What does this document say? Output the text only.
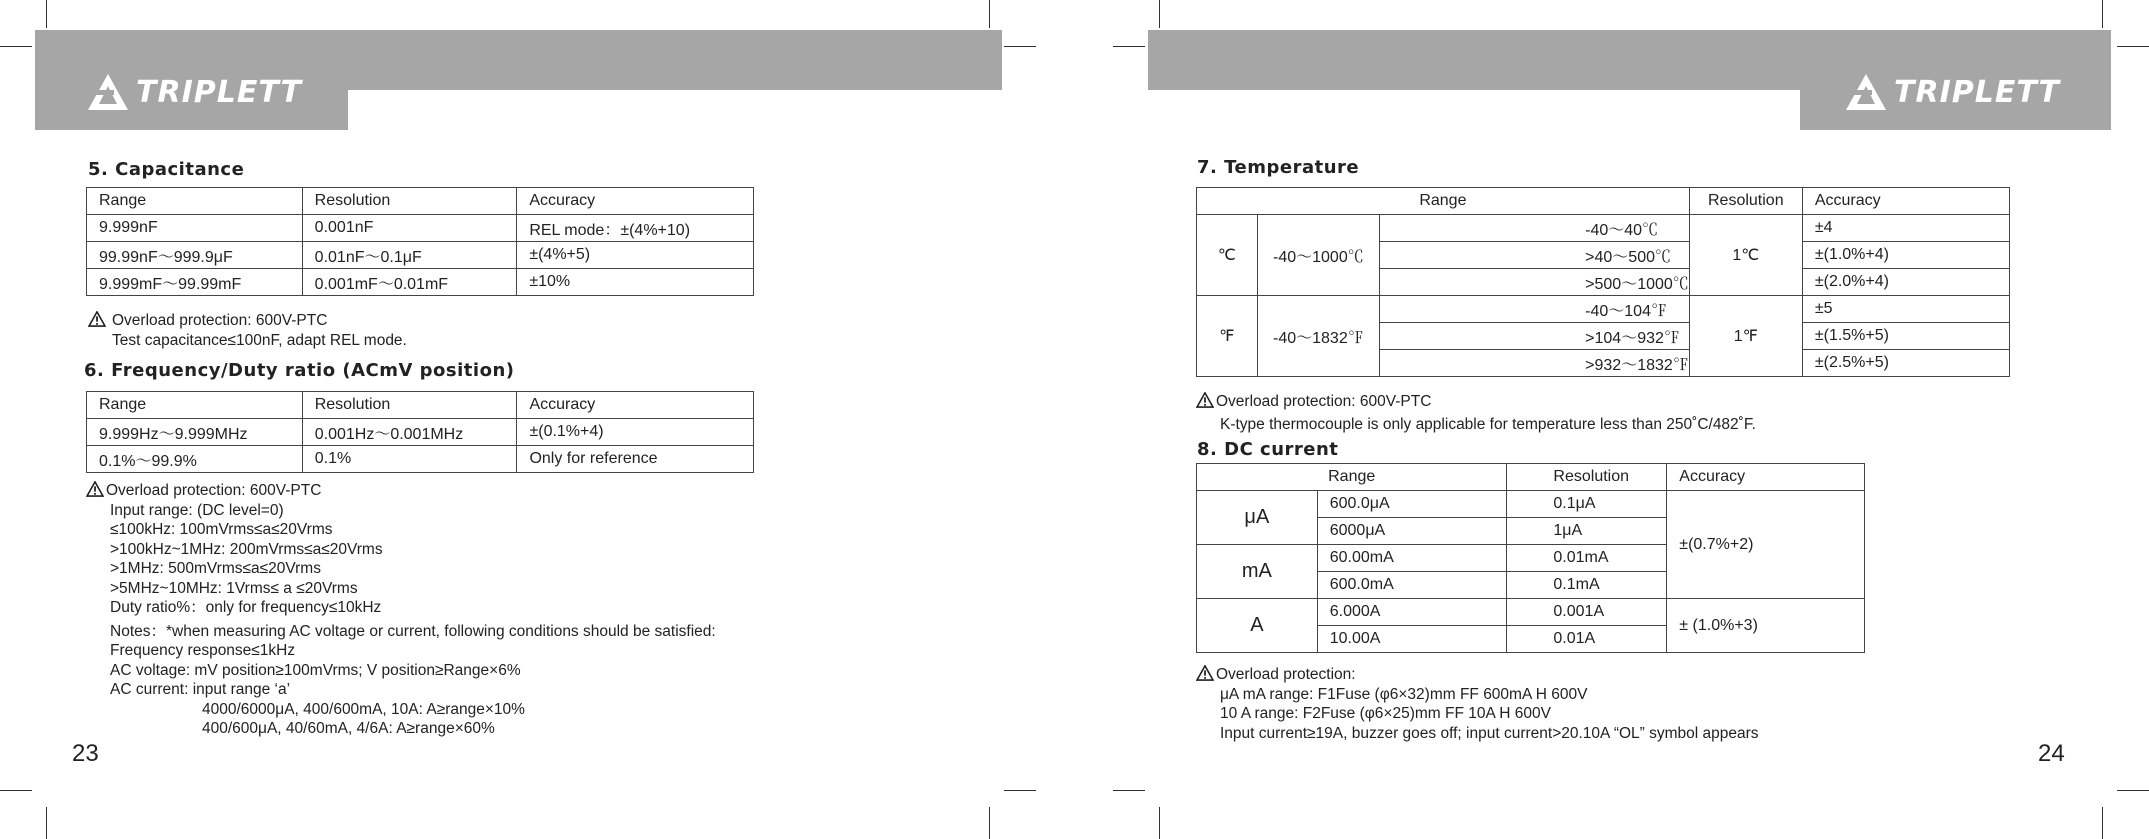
TRIPLETT
5. Capacitance
Range	Resolution	Accuracy
9.999nF	0.001nF	REL mode：±(4%+10)
99.99nF～999.9μF	0.01nF～0.1μF	±(4%+5)
9.999mF～99.99mF	0.001mF～0.01mF	±10%
Overload protection: 600V-PTC
Test capacitance≤100nF, adapt REL mode.
6. Frequency/Duty ratio (ACmV position)
Range	Resolution	Accuracy
9.999Hz～9.999MHz	0.001Hz～0.001MHz	±(0.1%+4)
0.1%～99.9%	0.1%	Only for reference
Overload protection: 600V-PTC
Input range: (DC level=0)
≤100kHz: 100mVrms≤a≤20Vrms
>100kHz~1MHz: 200mVrms≤a≤20Vrms
>1MHz: 500mVrms≤a≤20Vrms
>5MHz~10MHz: 1Vrms≤ a ≤20Vrms
Duty ratio%：only for frequency≤10kHz
Notes：*when measuring AC voltage or current, following conditions should be satisfied:
Frequency response≤1kHz
AC voltage: mV position≥100mVrms; V position≥Range×6%
AC current: input range ‘a’
4000/6000μA, 400/600mA, 10A: A≥range×10%
400/600μA, 40/60mA, 4/6A: A≥range×60%
23
TRIPLETT
7. Temperature
Range			Resolution	Accuracy
℃	-40～1000℃	-40～40℃	1℃	±4
		>40～500℃		±(1.0%+4)
		>500～1000℃		±(2.0%+4)
℉	-40～1832℉	-40～104℉	1℉	±5
		>104～932℉		±(1.5%+5)
		>932～1832℉		±(2.5%+5)
Overload protection: 600V-PTC
K-type thermocouple is only applicable for temperature less than 250˚C/482˚F.
8. DC current
Range		Resolution	Accuracy
μA	600.0μA	0.1μA	±(0.7%+2)
	6000μA	1μA	
mA	60.00mA	0.01mA	
	600.0mA	0.1mA	
A	6.000A	0.001A	± (1.0%+3)
	10.00A	0.01A	
Overload protection:
μA mA range: F1Fuse (φ6×32)mm FF 600mA H 600V
10 A range: F2Fuse (φ6×25)mm FF 10A H 600V
Input current≥19A, buzzer goes off; input current>20.10A “OL” symbol appears
24
